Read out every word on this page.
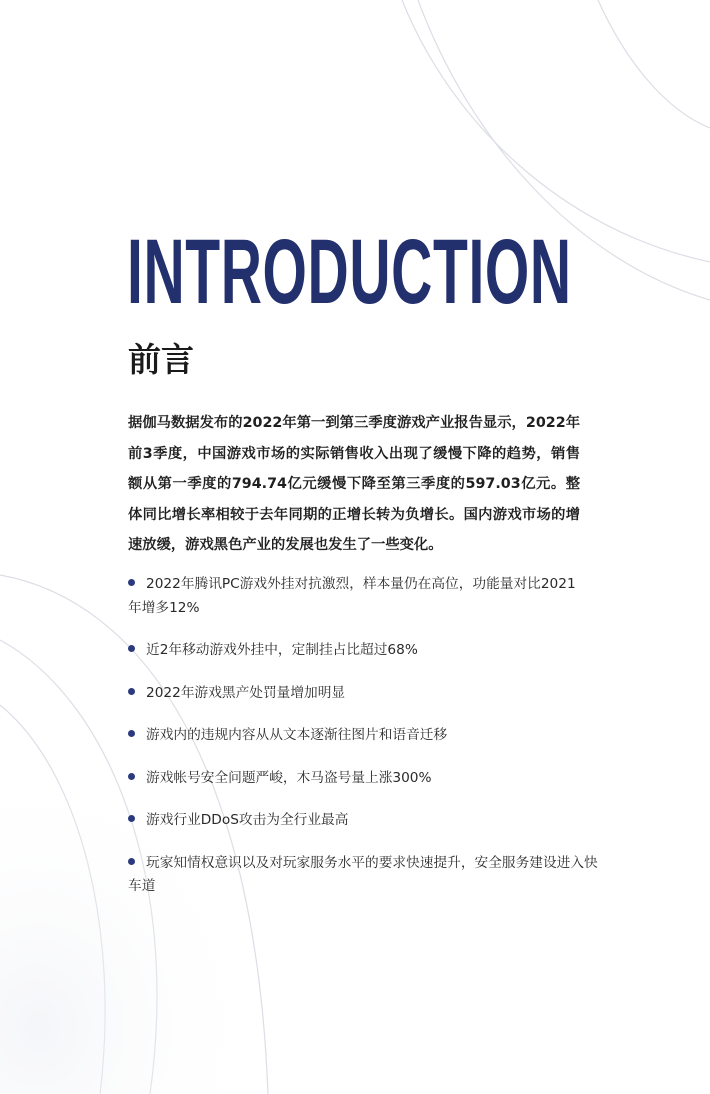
INTRODUCTION
前言

据伽马数据发布的2022年第一到第三季度游戏产业报告显示，2022年前3季度，中国游戏市场的实际销售收入出现了缓慢下降的趋势，销售额从第一季度的794.74亿元缓慢下降至第三季度的597.03亿元。整体同比增长率相较于去年同期的正增长转为负增长。国内游戏市场的增速放缓，游戏黑色产业的发展也发生了一些变化。

2022年腾讯PC游戏外挂对抗激烈，样本量仍在高位，功能量对比2021年增多12%
近2年移动游戏外挂中，定制挂占比超过68%
2022年游戏黑产处罚量增加明显
游戏内的违规内容从从文本逐渐往图片和语音迁移
游戏帐号安全问题严峻，木马盗号量上涨300%
游戏行业DDoS攻击为全行业最高
玩家知情权意识以及对玩家服务水平的要求快速提升，安全服务建设进入快车道
